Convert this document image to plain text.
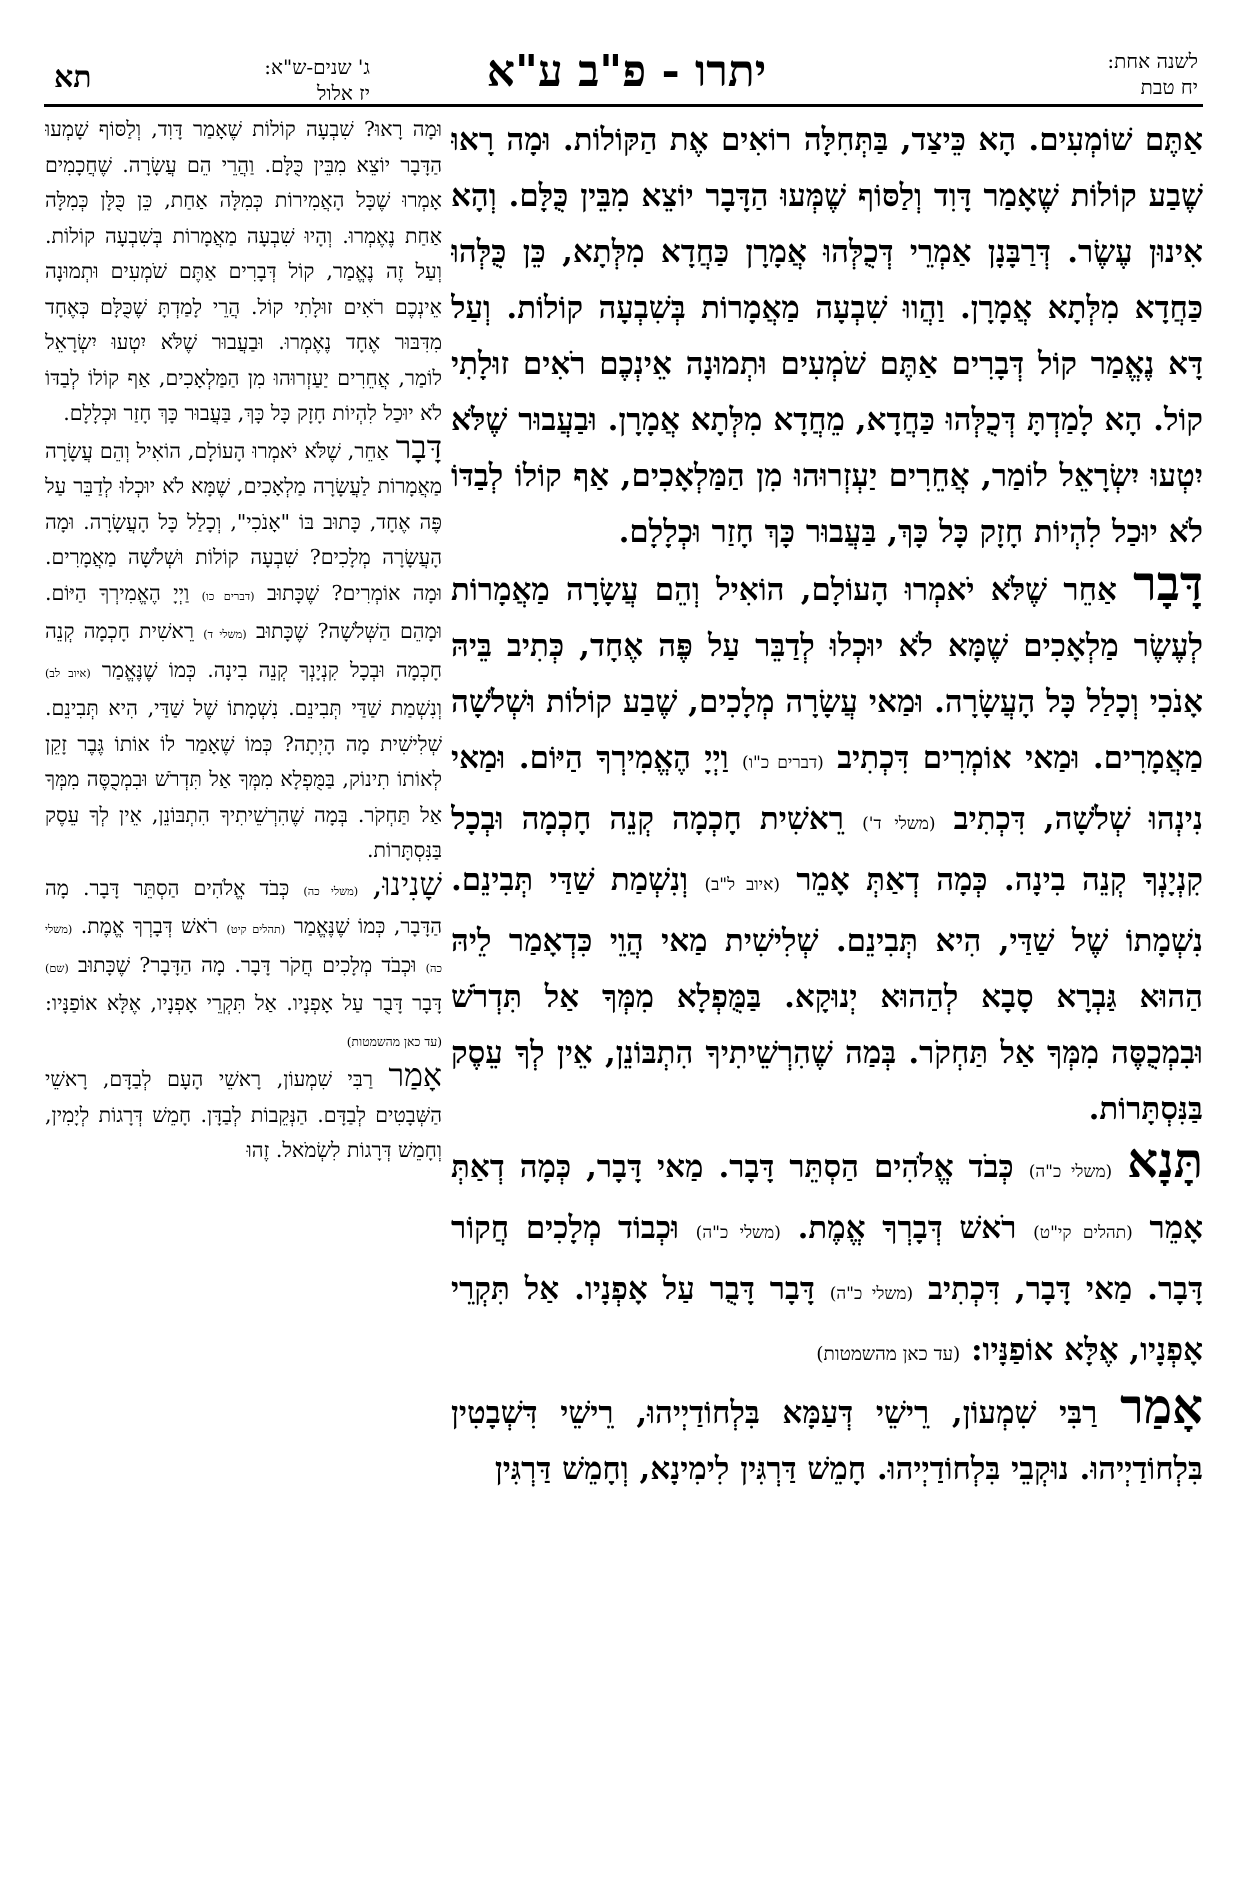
לשנה אחת:
יח טבת
יתרו - פ"ב ע"א
תא	ג' שנים-ש"א:
יז אלול

אַתֶּם שׁוֹמְעִים. הָא כֵּיצַד, בַּתְּחִלָּה רוֹאִים אֶת הַקּוֹלוֹת. וּמָה רָאוּ שֶׁבַע קוֹלוֹת שֶׁאָמַר דָּוִד וְלַסּוֹף שֶׁמְּעוּ הַדָּבָר יוֹצֵא מִבֵּין כֻּלָּם. וְהָא אִינוּן עֶשֶׂר. דְּרַבָּנָן אַמְרֵי דְּכֻלְּהוּ אֲמָרָן כַּחֲדָא מִלְּתָא, כֵּן כֻּלְּהוּ כַּחֲדָא מִלְּתָא אֲמָרָן. וַהֲווּ שִׁבְעָה מַאֲמָרוֹת בְּשִׁבְעָה קוֹלוֹת. וְעַל דָּא נֶאֱמַר קוֹל דְּבָרִים אַתֶּם שֹׁמְעִים וּתְמוּנָה אֵינְכֶם רֹאִים זוּלָתִי קוֹל. הָא לָמַדְתָּ דְּכֻלְּהוּ כַּחֲדָא, מֵחֲדָא מִלְּתָא אֲמָרָן. וּבַעֲבוּר שֶׁלֹּא יִטְעוּ יִשְׂרָאֵל לוֹמַר, אֲחֵרִים יַעְזְרוּהוּ מִן הַמַּלְאָכִים, אַף קוֹלוֹ לְבַדּוֹ לֹא יוּכַל לִהְיוֹת חָזָק כָּל כָּךְ, בַּעֲבוּר כָּךְ חָזַר וּכְלָלָם.

דָּבָר אַחֵר שֶׁלֹּא יֹאמְרוּ הָעוֹלָם, הוֹאִיל וְהֵם עֲשָׂרָה מַאֲמָרוֹת לְעֶשֶׂר מַלְאָכִים שֶׁמָּא לֹא יוּכְלוּ לְדַבֵּר עַל פֶּה אֶחָד, כְּתִיב בֵּיהּ אָנֹכִי וְכָלַל כָּל הָעֲשָׂרָה. וּמַאי עֲשָׂרָה מְלָכִים, שֶׁבַע קוֹלוֹת וּשְׁלֹשָׁה מַאֲמָרִים. וּמַאי אוֹמְרִים דִּכְתִיב (דברים כ"ו) וַיְיָ הֶאֱמִירְךָ הַיּוֹם. וּמַאי נִינְהוּ שְׁלֹשָׁה, דִּכְתִיב (משלי ד') רֵאשִׁית חָכְמָה קְנֵה חָכְמָה וּבְכָל קִנְיָנְךָ קְנֵה בִינָה. כְּמָה דְאַתְּ אָמֵר (איוב ל"ב) וְנִשְׁמַת שַׁדַּי תְּבִינֵם. נִשְׁמָתוֹ שֶׁל שַׁדַּי, הִיא תְּבִינֵם. שְׁלִישִׁית מַאי הֲוֵי כִּדְאָמַר לֵיהּ הַהוּא גַּבְרָא סָבָא לְהַהוּא יְנוּקָא. בַּמֻּפְלָא מִמְּךָ אַל תִּדְרֹשׁ וּבִמְכֻסֶּה מִמְּךָ אַל תַּחְקֹר. בְּמַה שֶׁהִרְשֵׁיתִיךָ הִתְבּוֹנֵן, אֵין לְךָ עֵסֶק בַּנִּסְתָּרוֹת.

תָּנָא (משלי כ"ה) כְּבֹד אֱלֹהִים הַסְתֵּר דָּבָר. מַאי דָּבָר, כְּמָה דְאַתְּ אָמֵר (תהלים קי"ט) רֹאשׁ דְּבָרְךָ אֱמֶת. (משלי כ"ה) וּכְבוֹד מְלָכִים חֲקוֹר דָּבָר. מַאי דָּבָר, דִּכְתִיב (משלי כ"ה) דָּבָר דָּבֻר עַל אָפְנָיו. אַל תִּקְרֵי אָפְנָיו, אֶלָּא אוֹפַנָּיו: (עד כאן מהשמטות)

אָמַר רַבִּי שִׁמְעוֹן, רֵישֵׁי דְּעַמָּא בִּלְחוֹדַיְיהוּ, רֵישֵׁי דִּשְׁבָטִין בִּלְחוֹדַיְיהוּ. נוּקְבֵי בִּלְחוֹדַיְיהוּ. חָמֵשׁ דַּרְגִּין לִימִינָא, וְחָמֵשׁ דַּרְגִּין

וּמָה רָאוּ? שִׁבְעָה קוֹלוֹת שֶׁאָמַר דָּוִד, וְלַסּוֹף שָׁמְעוּ הַדָּבָר יוֹצֵא מִבֵּין כֻּלָּם. וַהֲרֵי הֵם עֲשָׂרָה. שֶׁחֲכָמִים אָמְרוּ שֶׁכָּל הָאֲמִירוֹת כְּמִלָּה אַחַת, כֵּן כֻּלָּן כְּמִלָּה אַחַת נֶאֶמְרוּ. וְהָיוּ שִׁבְעָה מַאֲמָרוֹת בְּשִׁבְעָה קוֹלוֹת. וְעַל זֶה נֶאֱמַר, קוֹל דְּבָרִים אַתֶּם שֹׁמְעִים וּתְמוּנָה אֵינְכֶם רֹאִים זוּלָתִי קוֹל. הֲרֵי לָמַדְתָּ שֶׁכֻּלָּם כְּאֶחָד מִדִּבּוּר אֶחָד נֶאֶמְרוּ. וּבַעֲבוּר שֶׁלֹּא יִטְעוּ יִשְׂרָאֵל לוֹמַר, אֲחֵרִים יַעַזְרוּהוּ מִן הַמַּלְאָכִים, אַף קוֹלוֹ לְבַדּוֹ לֹא יוּכַל לִהְיוֹת חָזָק כָּל כָּךְ, בַּעֲבוּר כָּךְ חָזַר וּכְלָלָם.

דָּבָר אַחֵר, שֶׁלֹּא יֹאמְרוּ הָעוֹלָם, הוֹאִיל וְהֵם עֲשָׂרָה מַאֲמָרוֹת לַעֲשָׂרָה מַלְאָכִים, שֶׁמָּא לֹא יוּכְלוּ לְדַבֵּר עַל פֶּה אֶחָד, כָּתוּב בּוֹ "אָנֹכִי", וְכָלַל כָּל הָעֲשָׂרָה. וּמָה הָעֲשָׂרָה מְלָכִים? שִׁבְעָה קוֹלוֹת וּשְׁלֹשָׁה מַאֲמָרִים. וּמָה אוֹמְרִים? שֶׁכָּתוּב (דברים כו) וַיְיָ הֶאֱמִירְךָ הַיּוֹם. וּמָהֵם הַשְּׁלֹשָׁה? שֶׁכָּתוּב (משלי ד) רֵאשִׁית חָכְמָה קְנֵה חָכְמָה וּבְכָל קִנְיָנְךָ קְנֵה בִינָה. כְּמוֹ שֶׁנֶּאֱמַר (איוב לב) וְנִשְׁמַת שַׁדַּי תְּבִינֵם. נִשְׁמָתוֹ שֶׁל שַׁדַּי, הִיא תְּבִינֵם. שְׁלִישִׁית מָה הָיְתָה? כְּמוֹ שֶׁאָמַר לוֹ אוֹתוֹ גֶּבֶר זָקֵן לְאוֹתוֹ תִינוֹק, בַּמֻּפְלָא מִמְּךָ אַל תִּדְרֹשׁ וּבִמְכֻסֶּה מִמְּךָ אַל תַּחְקֹר. בְּמָה שֶׁהִרְשֵׁיתִיךָ הִתְבּוֹנֵן, אֵין לְךָ עֵסֶק בַּנִּסְתָּרוֹת.

שָׁנִינוּ, (משלי כה) כְּבֹד אֱלֹהִים הַסְתֵּר דָּבָר. מָה הַדָּבָר, כְּמוֹ שֶׁנֶּאֱמַר (תהלים קיט) רֹאשׁ דְּבָרְךָ אֱמֶת. (משלי כה) וּכְבֹד מְלָכִים חֲקֹר דָּבָר. מָה הַדָּבָר? שֶׁכָּתוּב (שם) דָּבָר דָּבֻר עַל אָפְנָיו. אַל תִּקְרֵי אָפְנָיו, אֶלָּא אוֹפַנָּיו: (עד כאן מהשמטות)

אָמַר רַבִּי שִׁמְעוֹן, רָאשֵׁי הָעָם לְבַדָּם, רָאשֵׁי הַשְּׁבָטִים לְבַדָּם. הַנְּקֵבוֹת לְבַדָּן. חָמֵשׁ דְּרָגוֹת לְיָמִין, וְחָמֵשׁ דְּרָגוֹת לִשְׂמֹאל. זֶהוּ
